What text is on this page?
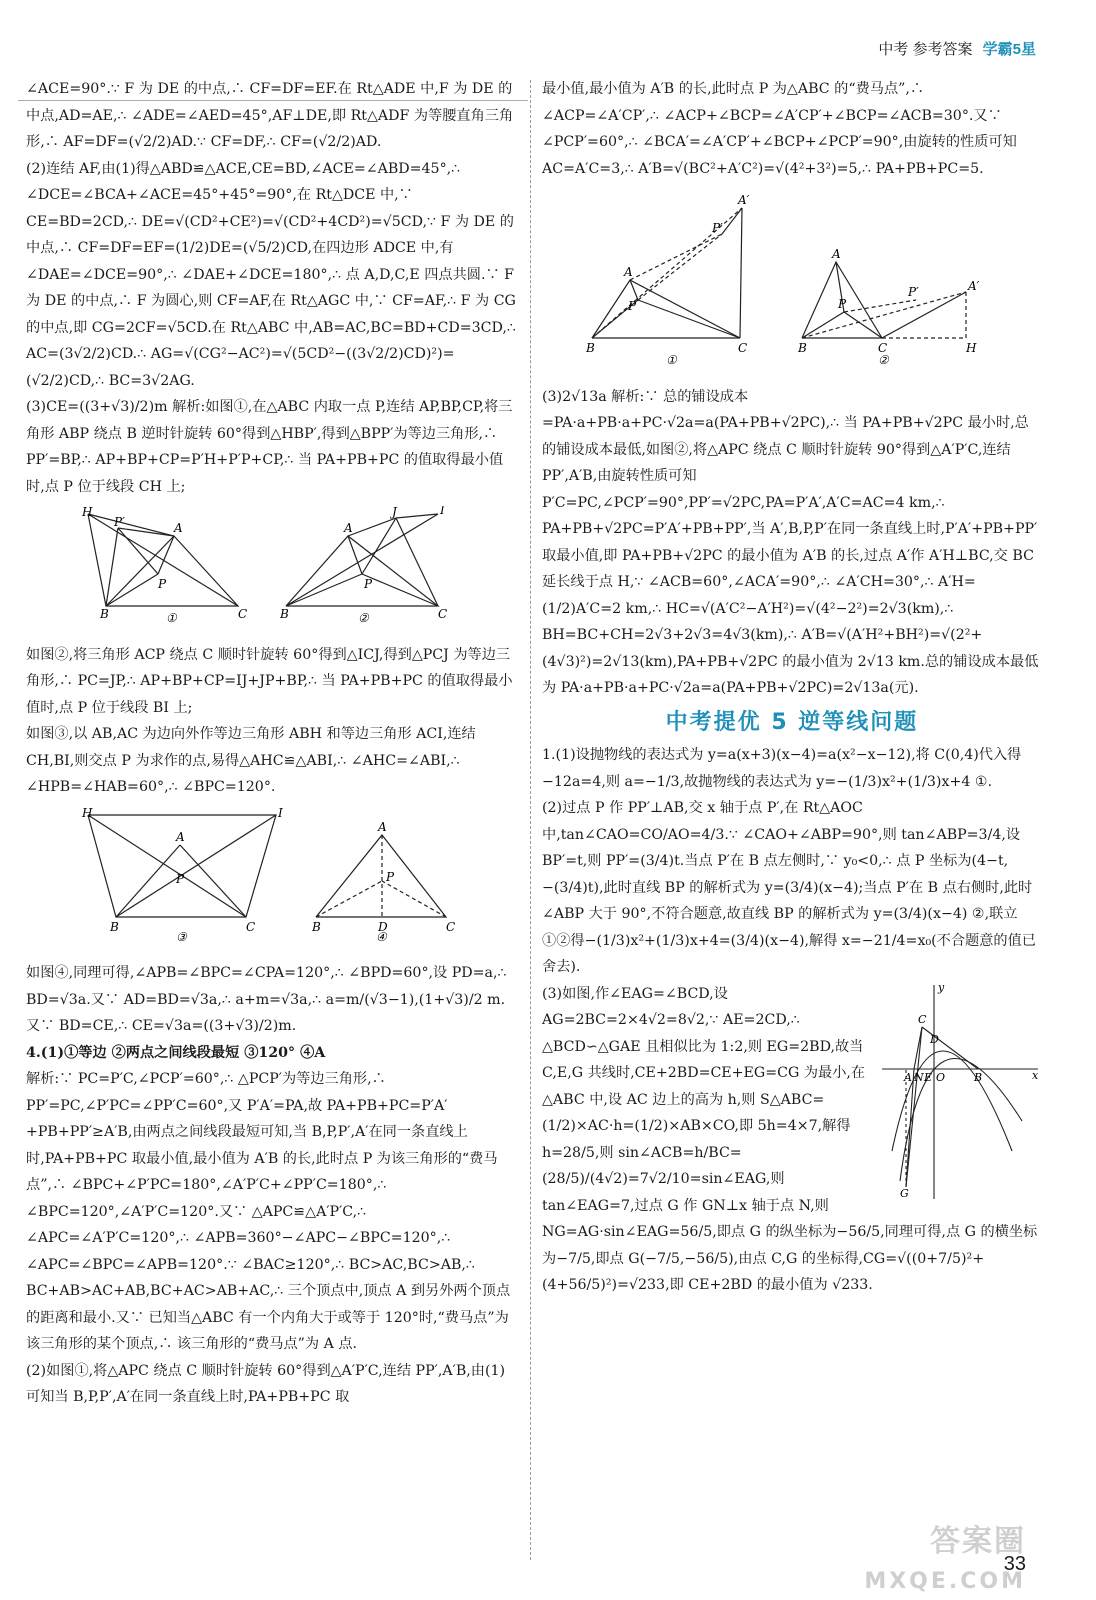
中考 参考答案 学霸5星

∠ACE=90°.∵ F 为 DE 的中点,∴ CF=DF=EF.在 Rt△ADE 中,F 为 DE 的中点,AD=AE,∴ ∠ADE=∠AED=45°,AF⊥DE,即 Rt△ADF 为等腰直角三角形,∴ AF=DF=(√2/2)AD.∵ CF=DF,∴ CF=(√2/2)AD.

(2)连结 AF,由(1)得△ABD≌△ACE,CE=BD,∠ACE=∠ABD=45°,∴ ∠DCE=∠BCA+∠ACE=45°+45°=90°,在 Rt△DCE 中,∵ CE=BD=2CD,∴ DE=√(CD²+CE²)=√(CD²+4CD²)=√5CD,∵ F 为 DE 的中点,∴ CF=DF=EF=(1/2)DE=(√5/2)CD,在四边形 ADCE 中,有∠DAE=∠DCE=90°,∴ ∠DAE+∠DCE=180°,∴ 点 A,D,C,E 四点共圆.∵ F 为 DE 的中点,∴ F 为圆心,则 CF=AF,在 Rt△AGC 中,∵ CF=AF,∴ F 为 CG 的中点,即 CG=2CF=√5CD.在 Rt△ABC 中,AB=AC,BC=BD+CD=3CD,∴ AC=(3√2/2)CD.∴ AG=√(CG²−AC²)=√(5CD²−((3√2/2)CD)²)=(√2/2)CD,∴ BC=3√2AG.

(3)CE=((3+√3)/2)m 解析:如图①,在△ABC 内取一点 P,连结 AP,BP,CP,将三角形 ABP 绕点 B 逆时针旋转 60°得到△HBP′,得到△BPP′为等边三角形,∴ PP′=BP,∴ AP+BP+CP=P′H+P′P+CP,∴ 当 PA+PB+PC 的值取得最小值时,点 P 位于线段 CH 上;

H
P′	A
P
B	C
A
J	I
P
B	C
①	②

如图②,将三角形 ACP 绕点 C 顺时针旋转 60°得到△ICJ,得到△PCJ 为等边三角形,∴ PC=JP,∴ AP+BP+CP=IJ+JP+BP,∴ 当 PA+PB+PC 的值取得最小值时,点 P 位于线段 BI 上;

如图③,以 AB,AC 为边向外作等边三角形 ABH 和等边三角形 ACI,连结 CH,BI,则交点 P 为求作的点,易得△AHC≌△ABI,∴ ∠AHC=∠ABI,∴ ∠HPB=∠HAB=60°,∴ ∠BPC=120°.

H	I
A
P
B	C
A
P
B	D	C
③	④

如图④,同理可得,∠APB=∠BPC=∠CPA=120°,∴ ∠BPD=60°,设 PD=a,∴ BD=√3a.又∵ AD=BD=√3a,∴ a+m=√3a,∴ a=m/(√3−1),(1+√3)/2 m.又∵ BD=CE,∴ CE=√3a=((3+√3)/2)m.

4.(1)①等边 ②两点之间线段最短 ③120° ④A

解析:∵ PC=P′C,∠PCP′=60°,∴ △PCP′为等边三角形,∴ PP′=PC,∠P′PC=∠PP′C=60°,又 P′A′=PA,故 PA+PB+PC=P′A′+PB+PP′≥A′B,由两点之间线段最短可知,当 B,P,P′,A′在同一条直线上时,PA+PB+PC 取最小值,最小值为 A′B 的长,此时点 P 为该三角形的“费马点”,∴ ∠BPC+∠P′PC=180°,∠A′P′C+∠PP′C=180°,∴ ∠BPC=120°,∠A′P′C=120°.又∵ △APC≌△A′P′C,∴ ∠APC=∠A′P′C=120°,∴ ∠APB=360°−∠APC−∠BPC=120°,∴ ∠APC=∠BPC=∠APB=120°.∵ ∠BAC≥120°,∴ BC>AC,BC>AB,∴ BC+AB>AC+AB,BC+AC>AB+AC,∴ 三个顶点中,顶点 A 到另外两个顶点的距离和最小.又∵ 已知当△ABC 有一个内角大于或等于 120°时,“费马点”为该三角形的某个顶点,∴ 该三角形的“费马点”为 A 点.

(2)如图①,将△APC 绕点 C 顺时针旋转 60°得到△A′P′C,连结 PP′,A′B,由(1)可知当 B,P,P′,A′在同一条直线上时,PA+PB+PC 取

最小值,最小值为 A′B 的长,此时点 P 为△ABC 的“费马点”,∴ ∠ACP=∠A′CP′,∴ ∠ACP+∠BCP=∠A′CP′+∠BCP=∠ACB=30°.又∵ ∠PCP′=60°,∴ ∠BCA′=∠A′CP′+∠BCP+∠PCP′=90°,由旋转的性质可知 AC=A′C=3,∴ A′B=√(BC²+A′C²)=√(4²+3²)=5,∴ PA+PB+PC=5.

A′
P′
A
P
B	C
A
P
P′	A′
B	C	H
①	②

(3)2√13a 解析:∵ 总的铺设成本=PA·a+PB·a+PC·√2a=a(PA+PB+√2PC),∴ 当 PA+PB+√2PC 最小时,总的铺设成本最低,如图②,将△APC 绕点 C 顺时针旋转 90°得到△A′P′C,连结 PP′,A′B,由旋转性质可知 P′C=PC,∠PCP′=90°,PP′=√2PC,PA=P′A′,A′C=AC=4 km,∴ PA+PB+√2PC=P′A′+PB+PP′,当 A′,B,P,P′在同一条直线上时,P′A′+PB+PP′取最小值,即 PA+PB+√2PC 的最小值为 A′B 的长,过点 A′作 A′H⊥BC,交 BC 延长线于点 H,∵ ∠ACB=60°,∠ACA′=90°,∴ ∠A′CH=30°,∴ A′H=(1/2)A′C=2 km,∴ HC=√(A′C²−A′H²)=√(4²−2²)=2√3(km),∴ BH=BC+CH=2√3+2√3=4√3(km),∴ A′B=√(A′H²+BH²)=√(2²+(4√3)²)=2√13(km),PA+PB+√2PC 的最小值为 2√13 km.总的铺设成本最低为 PA·a+PB·a+PC·√2a=a(PA+PB+√2PC)=2√13a(元).

中考提优 5 逆等线问题

1.(1)设抛物线的表达式为 y=a(x+3)(x−4)=a(x²−x−12),将 C(0,4)代入得−12a=4,则 a=−1/3,故抛物线的表达式为 y=−(1/3)x²+(1/3)x+4 ①.

(2)过点 P 作 PP′⊥AB,交 x 轴于点 P′,在 Rt△AOC 中,tan∠CAO=CO/AO=4/3.∵ ∠CAO+∠ABP=90°,则 tan∠ABP=3/4,设 BP′=t,则 PP′=(3/4)t.当点 P′在 B 点左侧时,∵ y₀<0,∴ 点 P 坐标为(4−t,−(3/4)t),此时直线 BP 的解析式为 y=(3/4)(x−4);当点 P′在 B 点右侧时,此时∠ABP 大于 90°,不符合题意,故直线 BP 的解析式为 y=(3/4)(x−4) ②,联立①②得−(1/3)x²+(1/3)x+4=(3/4)(x−4),解得 x=−21/4=x₀(不合题意的值已舍去).

y
x
C
D
A N E O	B
G

(3)如图,作∠EAG=∠BCD,设 AG=2BC=2×4√2=8√2,∵ AE=2CD,∴ △BCD∽△GAE 且相似比为 1:2,则 EG=2BD,故当 C,E,G 共线时,CE+2BD=CE+EG=CG 为最小,在△ABC 中,设 AC 边上的高为 h,则 S△ABC=(1/2)×AC·h=(1/2)×AB×CO,即 5h=4×7,解得 h=28/5,则 sin∠ACB=h/BC=(28/5)/(4√2)=7√2/10=sin∠EAG,则 tan∠EAG=7,过点 G 作 GN⊥x 轴于点 N,则 NG=AG·sin∠EAG=56/5,即点 G 的纵坐标为−56/5,同理可得,点 G 的横坐标为−7/5,即点 G(−7/5,−56/5),由点 C,G 的坐标得,CG=√((0+7/5)²+(4+56/5)²)=√233,即 CE+2BD 的最小值为 √233.

答案圈
MXQE.COM
33
